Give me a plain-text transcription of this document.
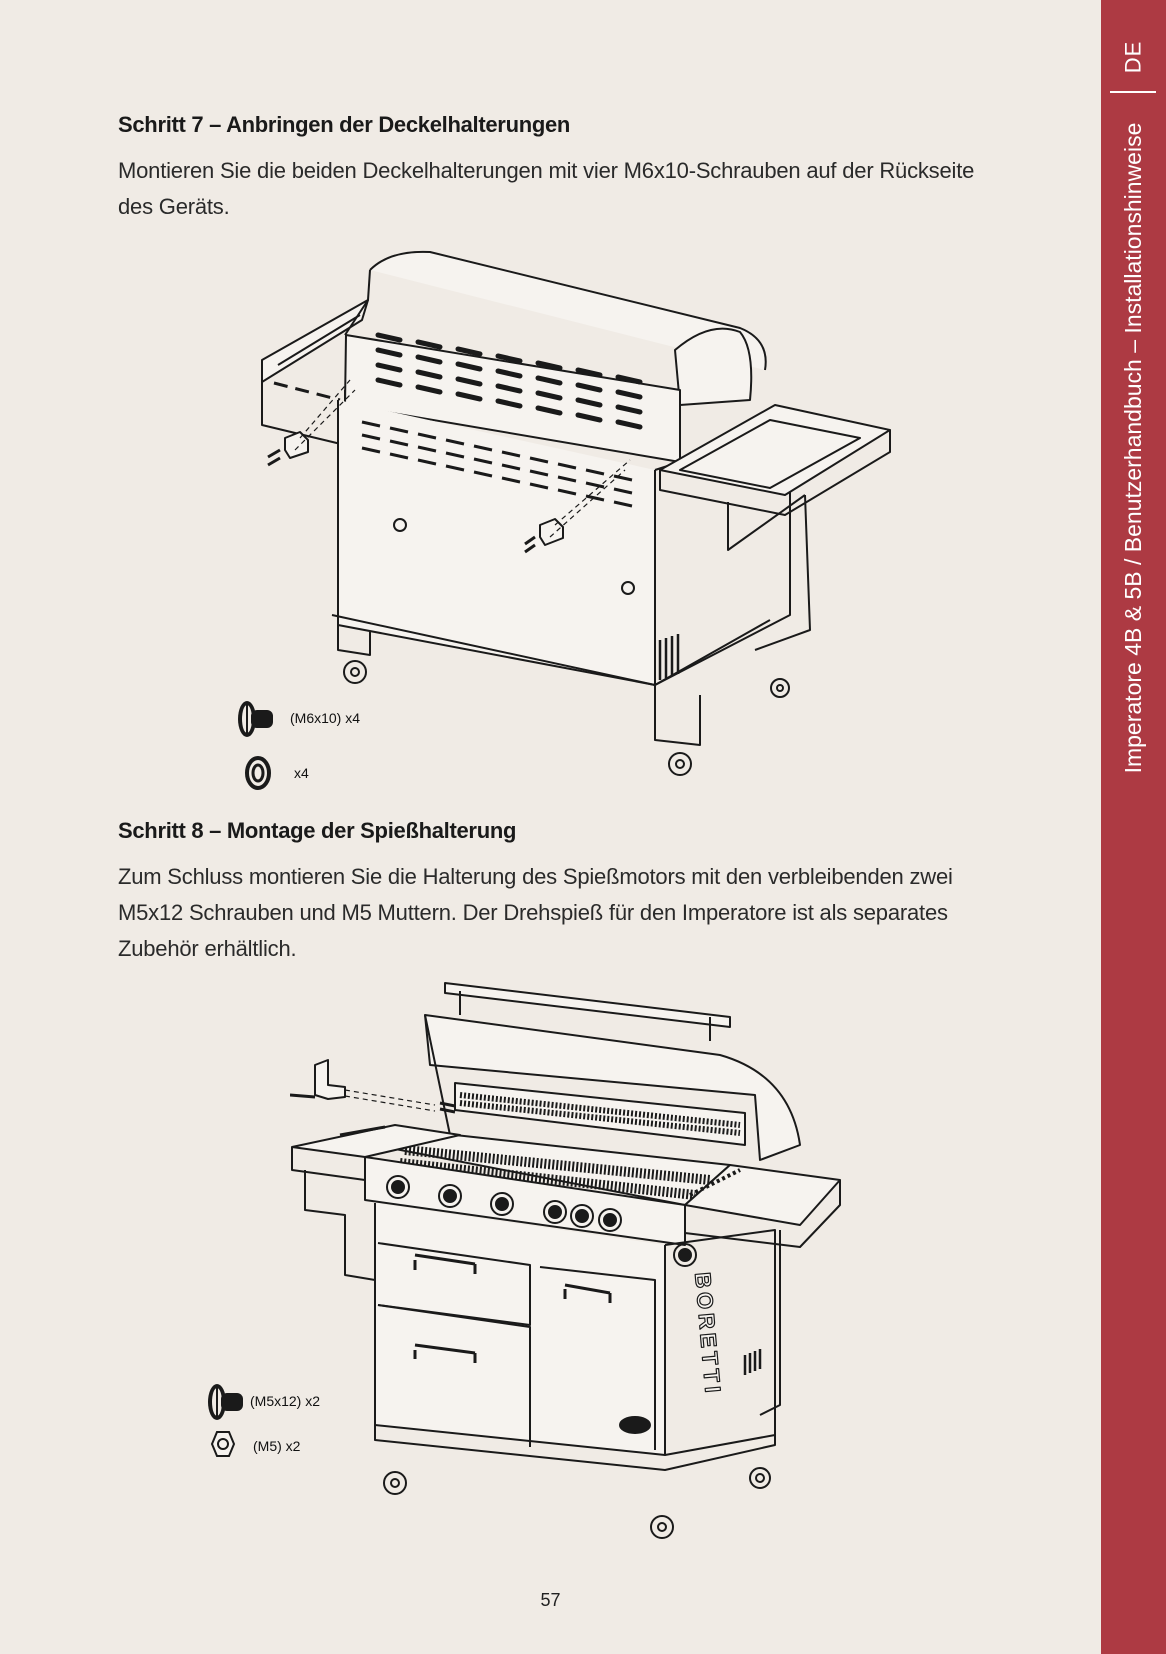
DE
Imperatore 4B & 5B / Benutzerhandbuch – Installationshinweise
Schritt 7 – Anbringen der Deckelhalterungen

Montieren Sie die beiden Deckelhalterungen mit vier M6x10-Schrauben auf der Rückseite des Geräts.

(M6x10) x4
x4
Schritt 8 – Montage der Spießhalterung

Zum Schluss montieren Sie die Halterung des Spießmotors mit den verbleibenden zwei M5x12 Schrauben und M5 Muttern. Der Drehspieß für den Imperatore ist als separates Zubehör erhältlich.

BORETTI
(M5x12) x2
(M5) x2
57
